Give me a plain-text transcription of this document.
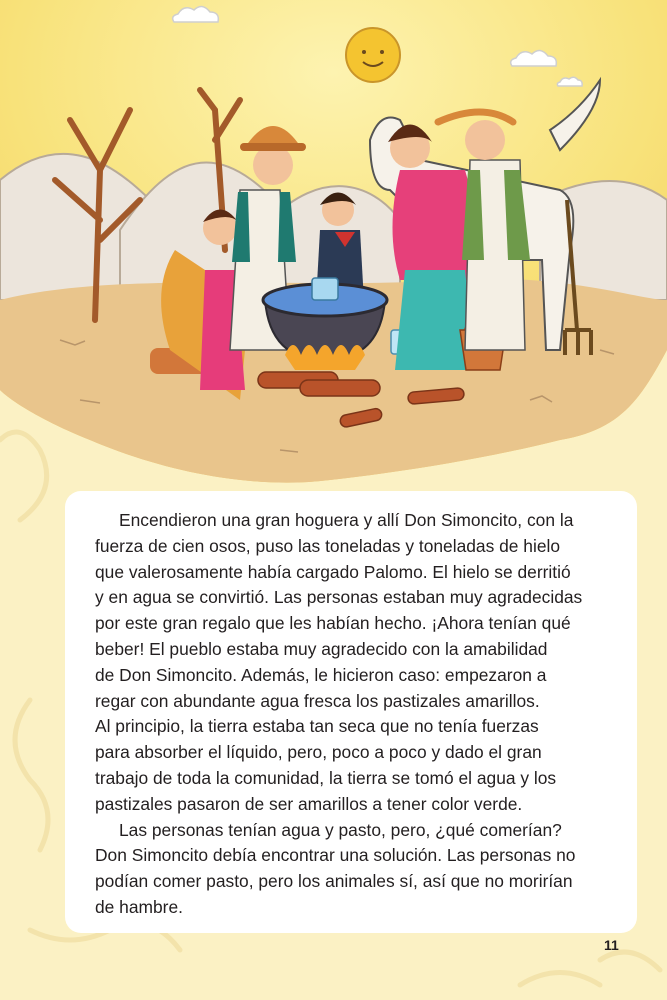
Encendieron una gran hoguera y allí Don Simoncito, con la
fuerza de cien osos, puso las toneladas y toneladas de hielo
que valerosamente había cargado Palomo. El hielo se derritió
y en agua se convirtió. Las personas estaban muy agradecidas
por este gran regalo que les habían hecho. ¡Ahora tenían qué
beber! El pueblo estaba muy agradecido con la amabilidad
de Don Simoncito. Además, le hicieron caso: empezaron a
regar con abundante agua fresca los pastizales amarillos.

Al principio, la tierra estaba tan seca que no tenía fuerzas
para absorber el líquido, pero, poco a poco y dado el gran
trabajo de toda la comunidad, la tierra se tomó el agua y los
pastizales pasaron de ser amarillos a tener color verde.

Las personas tenían agua y pasto, pero, ¿qué comerían?
Don Simoncito debía encontrar una solución. Las personas no
podían comer pasto, pero los animales sí, así que no morirían
de hambre.

11
